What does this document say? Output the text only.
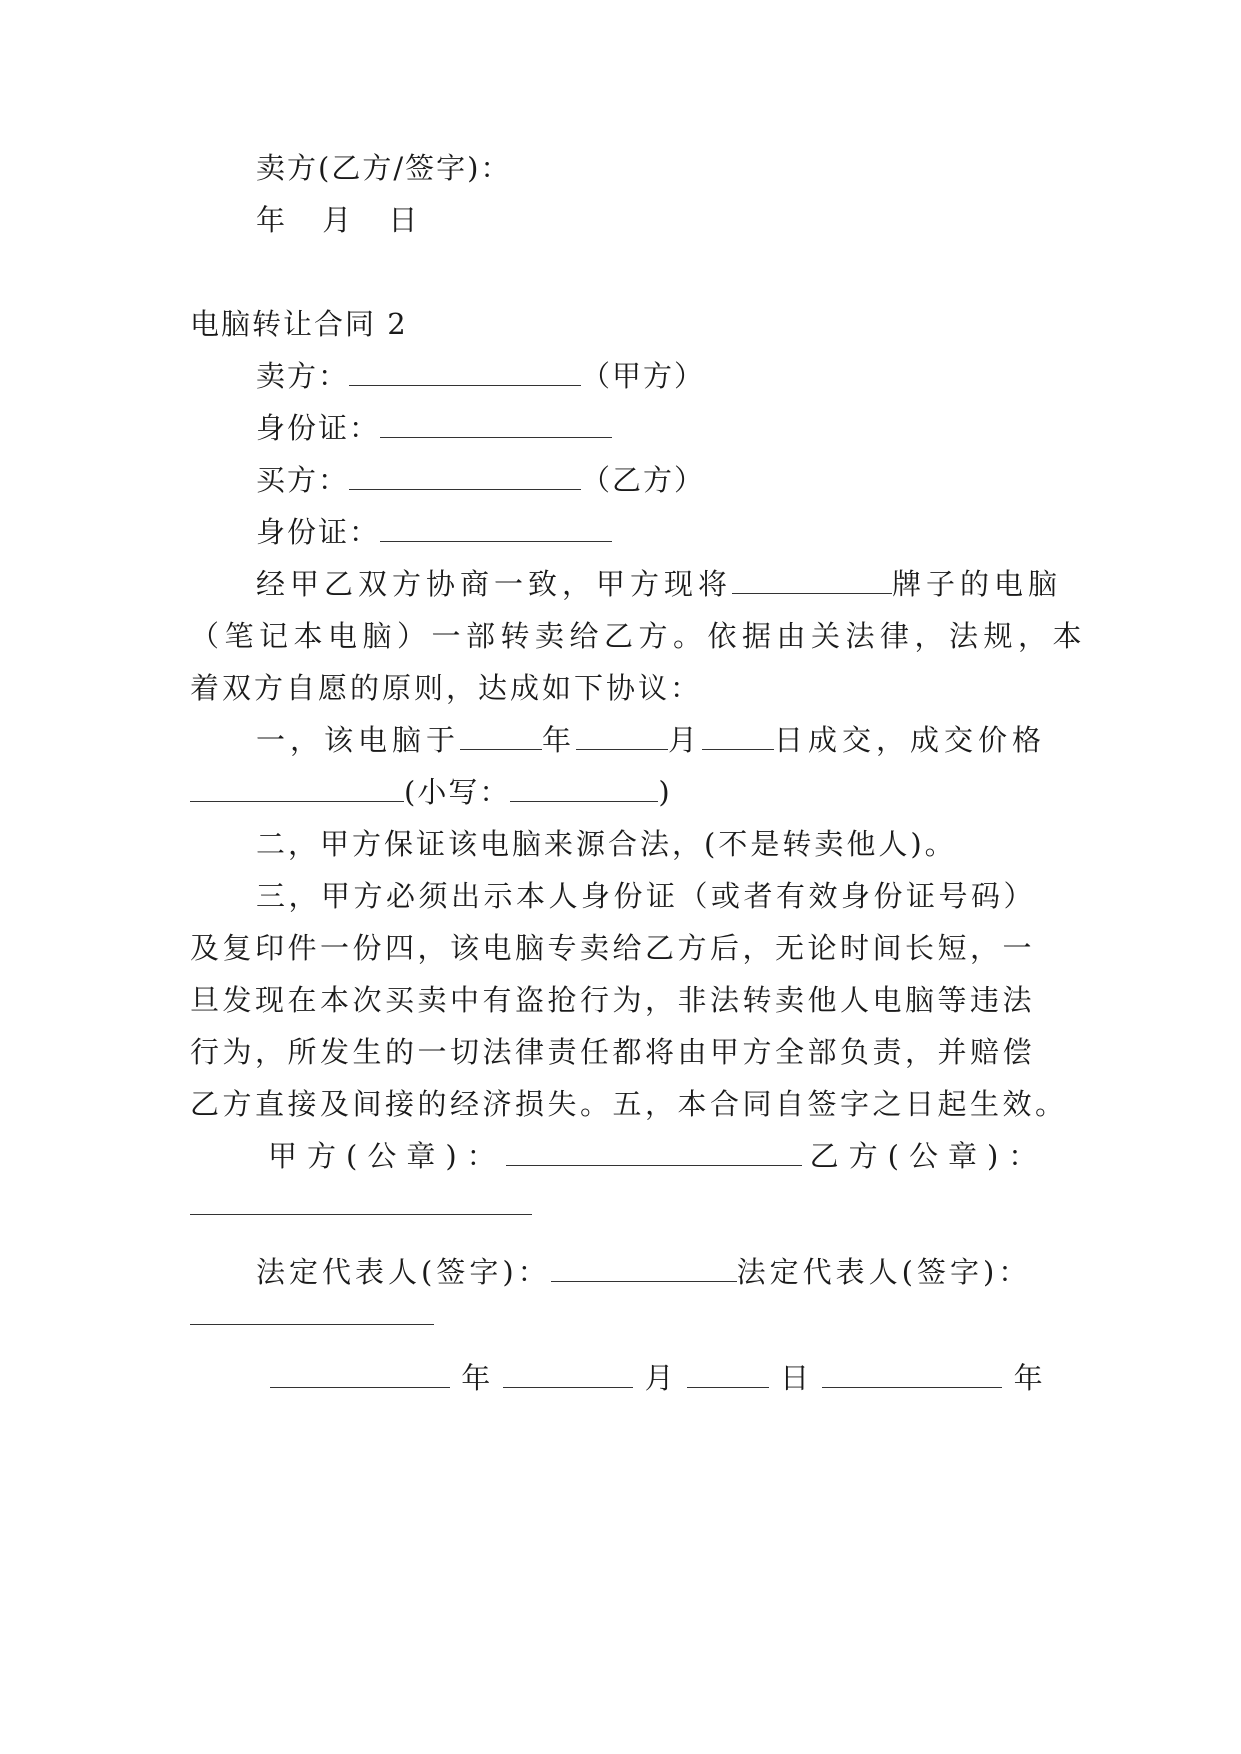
卖方(乙方/签字)：
年 月 日
电脑转让合同 2
卖方：	（甲方）
身份证：
买方：	（乙方）
身份证：
经甲乙双方协商一致，甲方现将	牌子的电脑
（笔记本电脑）一部转卖给乙方。依据由关法律，法规，本
着双方自愿的原则，达成如下协议：
一，该电脑于	年	月 日成交，成交价格
(小写：	)
二，甲方保证该电脑来源合法，(不是转卖他人)。
三，甲方必须出示本人身份证（或者有效身份证号码）
及复印件一份四，该电脑专卖给乙方后，无论时间长短，一
旦发现在本次买卖中有盗抢行为，非法转卖他人电脑等违法
行为，所发生的一切法律责任都将由甲方全部负责，并赔偿
乙方直接及间接的经济损失。五，本合同自签字之日起生效。
甲方(公章)：	乙方(公章)：
法定代表人(签字)：	法定代表人(签字)：
年	月	日	年
